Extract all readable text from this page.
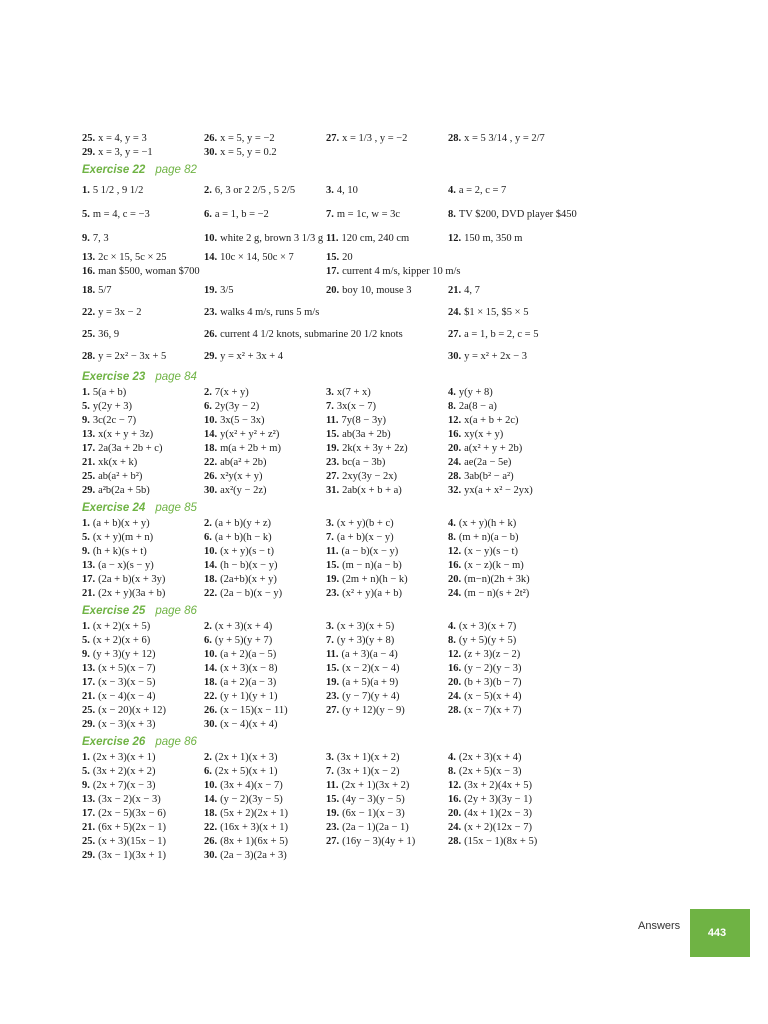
25. x = 4, y = 3	26. x = 5, y = −2	27. x = 1/3 , y = −2	28. x = 5 3/14 , y = 2/7
29. x = 3, y = −1	30. x = 5, y = 0.2
Exercise 22 page 82
1. 5 1/2 , 9 1/2	2. 6, 3 or 2 2/5 , 5 2/5	3. 4, 10	4. a = 2, c = 7
5. m = 4, c = −3	6. a = 1, b = −2	7. m = 1c, w = 3c	8. TV $200, DVD player $450
9. 7, 3	10. white 2 g, brown 3 1/3 g 11. 120 cm, 240 cm	12. 150 m, 350 m
13. 2c × 15, 5c × 25	14. 10c × 14, 50c × 7	15. 20
16. man $500, woman $700	17. current 4 m/s, kipper 10 m/s
18. 5/7	19. 3/5	20. boy 10, mouse 3	21. 4, 7
22. y = 3x − 2	23. walks 4 m/s, runs 5 m/s	24. $1 × 15, $5 × 5
25. 36, 9	26. current 4 1/2 knots, submarine 20 1/2 knots	27. a = 1, b = 2, c = 5
28. y = 2x² − 3x + 5	29. y = x² + 3x + 4	30. y = x² + 2x − 3
Exercise 23 page 84
1. 5(a + b)	2. 7(x + y)	3. x(7 + x)	4. y(y + 8)
5. y(2y + 3)	6. 2y(3y − 2)	7. 3x(x − 7)	8. 2a(8 − a)
9. 3c(2c − 7)	10. 3x(5 − 3x)	11. 7y(8 − 3y)	12. x(a + b + 2c)
13. x(x + y + 3z)	14. y(x² + y² + z²)	15. ab(3a + 2b)	16. xy(x + y)
17. 2a(3a + 2b + c)	18. m(a + 2b + m)	19. 2k(x + 3y + 2z)	20. a(x² + y + 2b)
21. xk(x + k)	22. ab(a² + 2b)	23. bc(a − 3b)	24. ae(2a − 5e)
25. ab(a² + b²)	26. x²y(x + y)	27. 2xy(3y − 2x)	28. 3ab(b² − a²)
29. a²b(2a + 5b)	30. ax²(y − 2z)	31. 2ab(x + b + a)	32. yx(a + x² − 2yx)
Exercise 24 page 85
1. (a + b)(x + y)	2. (a + b)(y + z)	3. (x + y)(b + c)	4. (x + y)(h + k)
5. (x + y)(m + n)	6. (a + b)(h − k)	7. (a + b)(x − y)	8. (m + n)(a − b)
9. (h + k)(s + t)	10. (x + y)(s − t)	11. (a − b)(x − y)	12. (x − y)(s − t)
13. (a − x)(s − y)	14. (h − b)(x − y)	15. (m − n)(a − b)	16. (x − z)(k − m)
17. (2a + b)(x + 3y)	18. (2a+b)(x + y)	19. (2m + n)(h − k)	20. (m−n)(2h + 3k)
21. (2x + y)(3a + b)	22. (2a − b)(x − y)	23. (x² + y)(a + b)	24. (m − n)(s + 2t²)
Exercise 25 page 86
1. (x + 2)(x + 5)	2. (x + 3)(x + 4)	3. (x + 3)(x + 5)	4. (x + 3)(x + 7)
5. (x + 2)(x + 6)	6. (y + 5)(y + 7)	7. (y + 3)(y + 8)	8. (y + 5)(y + 5)
9. (y + 3)(y + 12)	10. (a + 2)(a − 5)	11. (a + 3)(a − 4)	12. (z + 3)(z − 2)
13. (x + 5)(x − 7)	14. (x + 3)(x − 8)	15. (x − 2)(x − 4)	16. (y − 2)(y − 3)
17. (x − 3)(x − 5)	18. (a + 2)(a − 3)	19. (a + 5)(a + 9)	20. (b + 3)(b − 7)
21. (x − 4)(x − 4)	22. (y + 1)(y + 1)	23. (y − 7)(y + 4)	24. (x − 5)(x + 4)
25. (x − 20)(x + 12)	26. (x − 15)(x − 11)	27. (y + 12)(y − 9)	28. (x − 7)(x + 7)
29. (x − 3)(x + 3)	30. (x − 4)(x + 4)
Exercise 26 page 86
1. (2x + 3)(x + 1)	2. (2x + 1)(x + 3)	3. (3x + 1)(x + 2)	4. (2x + 3)(x + 4)
5. (3x + 2)(x + 2)	6. (2x + 5)(x + 1)	7. (3x + 1)(x − 2)	8. (2x + 5)(x − 3)
9. (2x + 7)(x − 3)	10. (3x + 4)(x − 7)	11. (2x + 1)(3x + 2)	12. (3x + 2)(4x + 5)
13. (3x − 2)(x − 3)	14. (y − 2)(3y − 5)	15. (4y − 3)(y − 5)	16. (2y + 3)(3y − 1)
17. (2x − 5)(3x − 6)	18. (5x + 2)(2x + 1)	19. (6x − 1)(x − 3)	20. (4x + 1)(2x − 3)
21. (6x + 5)(2x − 1)	22. (16x + 3)(x + 1)	23. (2a − 1)(2a − 1)	24. (x + 2)(12x − 7)
25. (x + 3)(15x − 1)	26. (8x + 1)(6x + 5)	27. (16y − 3)(4y + 1)	28. (15x − 1)(8x + 5)
29. (3x − 1)(3x + 1)	30. (2a − 3)(2a + 3)
Answers
443
